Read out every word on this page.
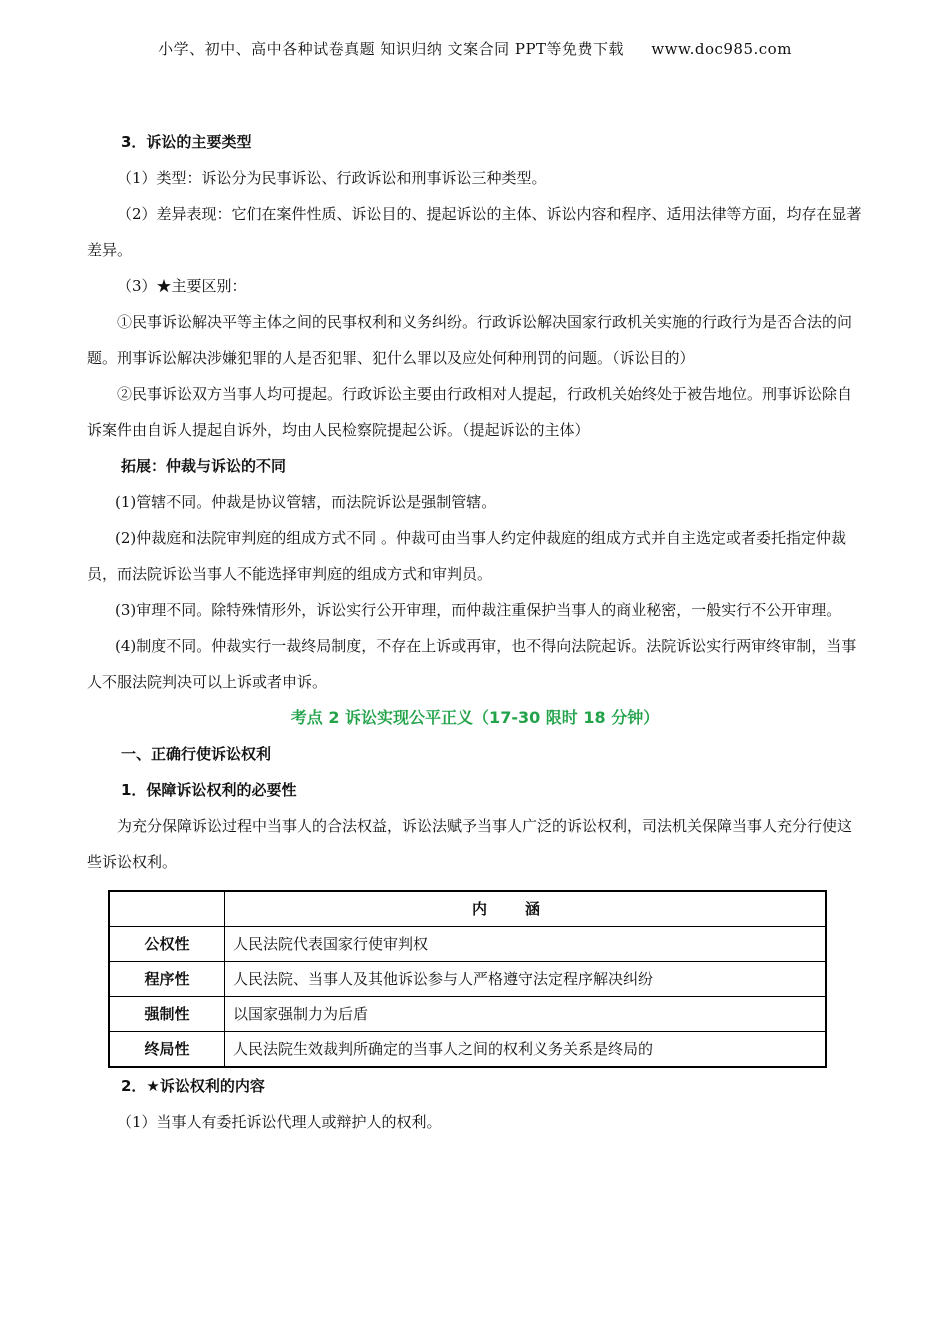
小学、初中、高中各种试卷真题 知识归纳 文案合同 PPT等免费下载 www.doc985.com

3．诉讼的主要类型

（1）类型：诉讼分为民事诉讼、行政诉讼和刑事诉讼三种类型。

（2）差异表现：它们在案件性质、诉讼目的、提起诉讼的主体、诉讼内容和程序、适用法律等方面，均存在显著差异。

（3）★主要区别：

①民事诉讼解决平等主体之间的民事权利和义务纠纷。行政诉讼解决国家行政机关实施的行政行为是否合法的问题。刑事诉讼解决涉嫌犯罪的人是否犯罪、犯什么罪以及应处何种刑罚的问题。（诉讼目的）

②民事诉讼双方当事人均可提起。行政诉讼主要由行政相对人提起，行政机关始终处于被告地位。刑事诉讼除自诉案件由自诉人提起自诉外，均由人民检察院提起公诉。（提起诉讼的主体）

拓展：仲裁与诉讼的不同

(1)管辖不同。仲裁是协议管辖，而法院诉讼是强制管辖。

(2)仲裁庭和法院审判庭的组成方式不同 。仲裁可由当事人约定仲裁庭的组成方式并自主选定或者委托指定仲裁员，而法院诉讼当事人不能选择审判庭的组成方式和审判员。

(3)审理不同。除特殊情形外，诉讼实行公开审理，而仲裁注重保护当事人的商业秘密，一般实行不公开审理。

(4)制度不同。仲裁实行一裁终局制度，不存在上诉或再审，也不得向法院起诉。法院诉讼实行两审终审制，当事人不服法院判决可以上诉或者申诉。

考点 2 诉讼实现公平正义（17-30 限时 18 分钟）

一、正确行使诉讼权利

1．保障诉讼权利的必要性

为充分保障诉讼过程中当事人的合法权益，诉讼法赋予当事人广泛的诉讼权利，司法机关保障当事人充分行使这些诉讼权利。

	内涵
公权性	人民法院代表国家行使审判权
程序性	人民法院、当事人及其他诉讼参与人严格遵守法定程序解决纠纷
强制性	以国家强制力为后盾
终局性	人民法院生效裁判所确定的当事人之间的权利义务关系是终局的

2．★诉讼权利的内容

（1）当事人有委托诉讼代理人或辩护人的权利。
